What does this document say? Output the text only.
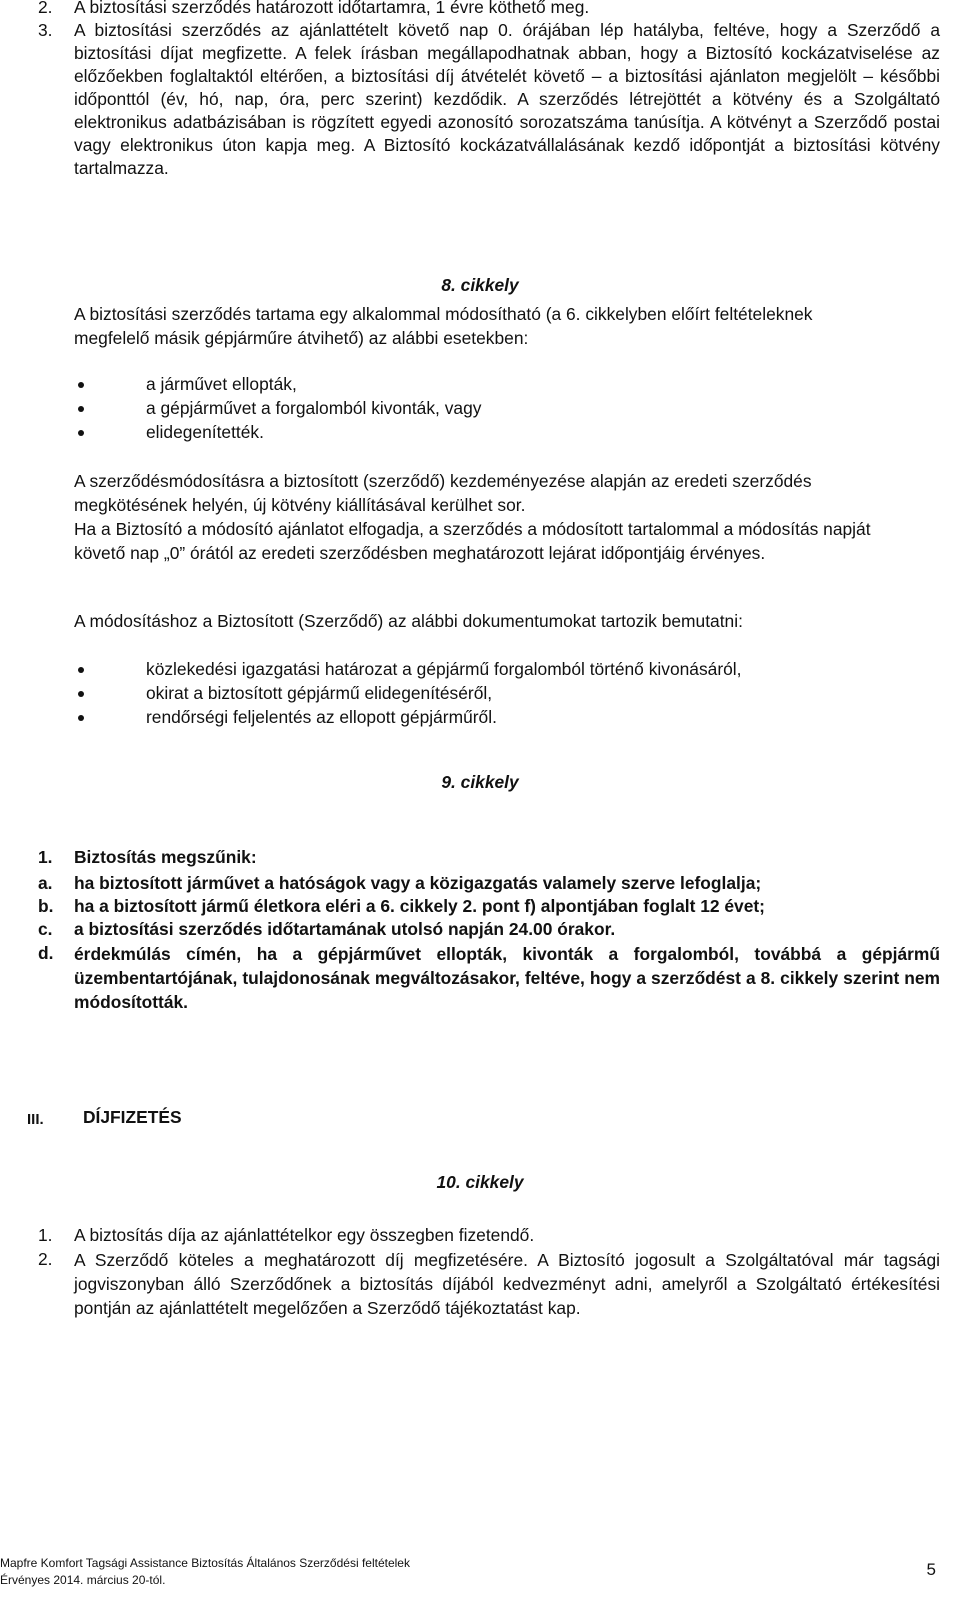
2. A biztosítási szerződés határozott időtartamra, 1 évre köthető meg.
3. A biztosítási szerződés az ajánlattételt követő nap 0. órájában lép hatályba, feltéve, hogy a Szerződő a biztosítási díjat megfizette. A felek írásban megállapodhatnak abban, hogy a Biztosító kockázatviselése az előzőekben foglaltaktól eltérően, a biztosítási díj átvételét követő – a biztosítási ajánlaton megjelölt – későbbi időponttól (év, hó, nap, óra, perc szerint) kezdődik. A szerződés létrejöttét a kötvény és a Szolgáltató elektronikus adatbázisában is rögzített egyedi azonosító sorozatszáma tanúsítja. A kötvényt a Szerződő postai vagy elektronikus úton kapja meg. A Biztosító kockázatvállalásának kezdő időpontját a biztosítási kötvény tartalmazza.
8. cikkely
A biztosítási szerződés tartama egy alkalommal módosítható (a 6. cikkelyben előírt feltételeknek megfelelő másik gépjárműre átvihető) az alábbi esetekben:
a járművet ellopták,
a gépjárművet a forgalomból kivonták, vagy
elidegenítették.
A szerződésmódosításra a biztosított (szerződő) kezdeményezése alapján az eredeti szerződés megkötésének helyén, új kötvény kiállításával kerülhet sor.
Ha a Biztosító a módosító ajánlatot elfogadja, a szerződés a módosított tartalommal a módosítás napját követő nap „0” órától az eredeti szerződésben meghatározott lejárat időpontjáig érvényes.
A módosításhoz a Biztosított (Szerződő) az alábbi dokumentumokat tartozik bemutatni:
közlekedési igazgatási határozat a gépjármű forgalomból történő kivonásáról,
okirat a biztosított gépjármű elidegenítéséről,
rendőrségi feljelentés az ellopott gépjárműről.
9. cikkely
1. Biztosítás megszűnik:
a. ha biztosított járművet a hatóságok vagy a közigazgatás valamely szerve lefoglalja;
b. ha a biztosított jármű életkora eléri a 6. cikkely 2. pont f) alpontjában foglalt 12 évet;
c. a biztosítási szerződés időtartamának utolsó napján 24.00 órakor.
d. érdekmúlás címén, ha a gépjárművet ellopták, kivonták a forgalomból, továbbá a gépjármű üzembentartójának, tulajdonosának megváltozásakor, feltéve, hogy a szerződést a 8. cikkely szerint nem módosították.
III. DÍJFIZETÉS
10. cikkely
1. A biztosítás díja az ajánlattételkor egy összegben fizetendő.
2. A Szerződő köteles a meghatározott díj megfizetésére. A Biztosító jogosult a Szolgáltatóval már tagsági jogviszonyban álló Szerződőnek a biztosítás díjából kedvezményt adni, amelyről a Szolgáltató értékesítési pontján az ajánlattételt megelőzően a Szerződő tájékoztatást kap.
Mapfre Komfort Tagsági Assistance Biztosítás Általános Szerződési feltételek
Érvényes 2014. március 20-tól.
5
